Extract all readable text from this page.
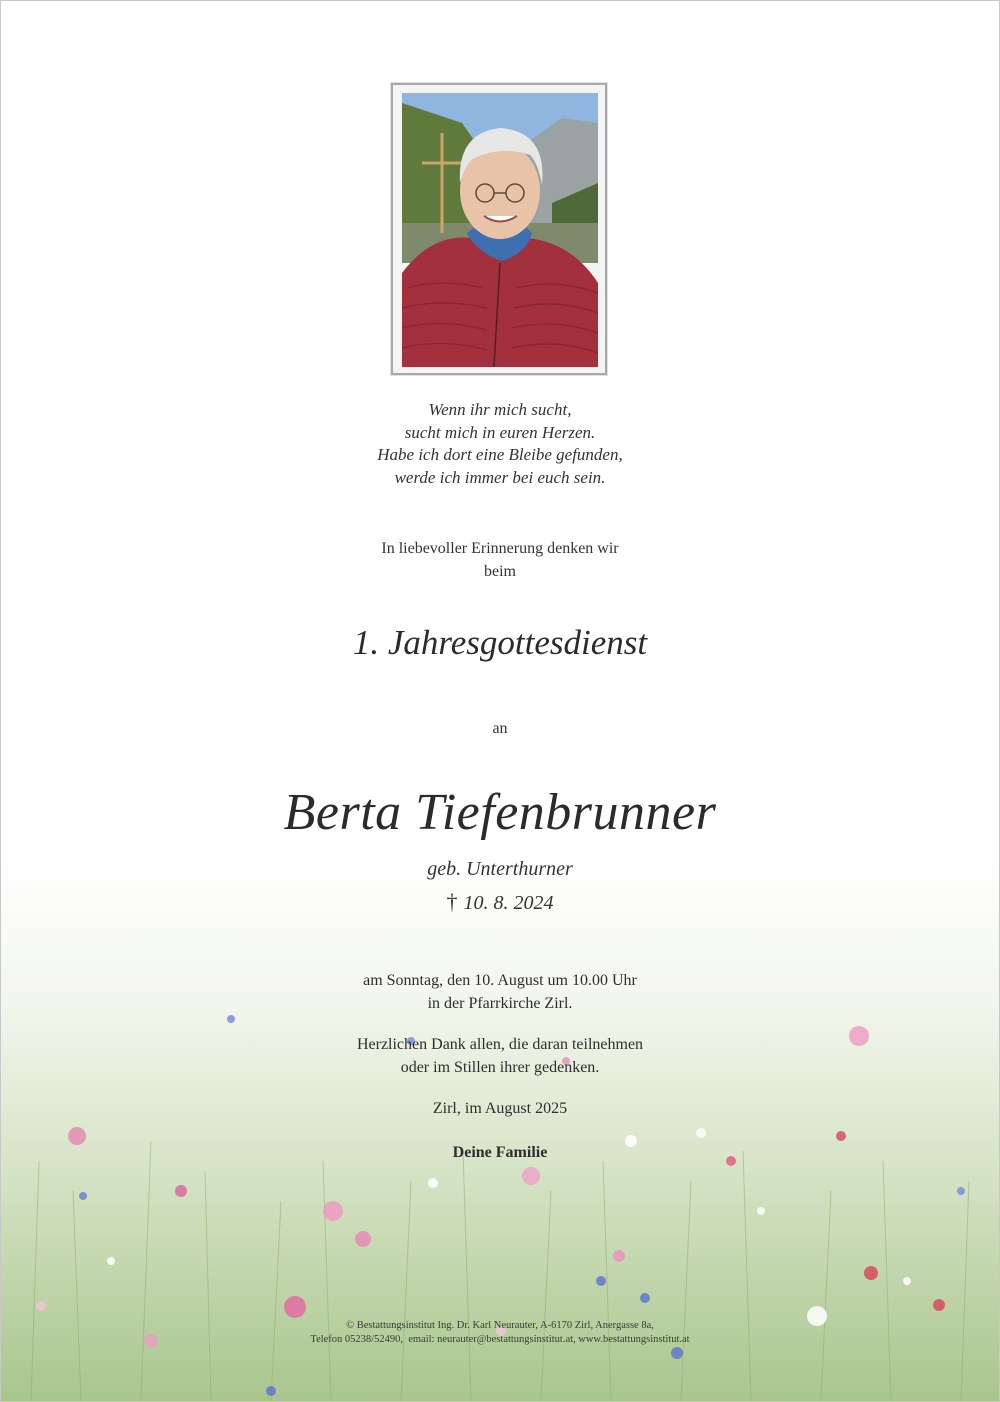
Wenn ihr mich sucht,
sucht mich in euren Herzen.
Habe ich dort eine Bleibe gefunden,
werde ich immer bei euch sein.
In liebevoller Erinnerung denken wir
beim
1. Jahresgottesdienst
an
Berta Tiefenbrunner
geb. Unterthurner
† 10. 8. 2024
am Sonntag, den 10. August um 10.00 Uhr
in der Pfarrkirche Zirl.
Herzlichen Dank allen, die daran teilnehmen
oder im Stillen ihrer gedenken.
Zirl, im August 2025
Deine Familie
© Bestattungsinstitut Ing. Dr. Karl Neurauter, A-6170 Zirl, Anergasse 8a,
Telefon 05238/52490,  email: neurauter@bestattungsinstitut.at, www.bestattungsinstitut.at
